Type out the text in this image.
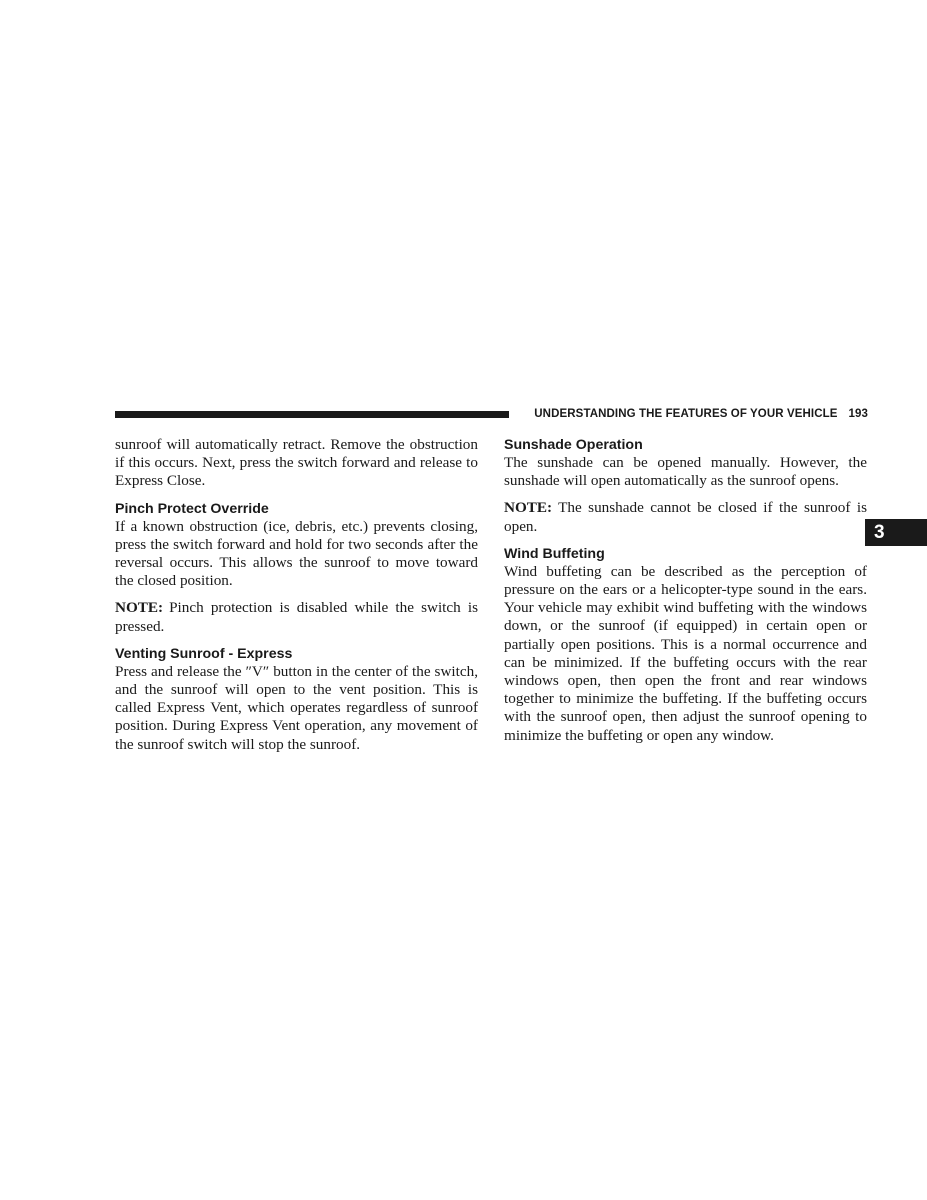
UNDERSTANDING THE FEATURES OF YOUR VEHICLE 193
3

sunroof will automatically retract. Remove the obstruction if this occurs. Next, press the switch forward and release to Express Close.

Pinch Protect Override

If a known obstruction (ice, debris, etc.) prevents closing, press the switch forward and hold for two seconds after the reversal occurs. This allows the sunroof to move toward the closed position.

NOTE: Pinch protection is disabled while the switch is pressed.

Venting Sunroof - Express

Press and release the ″V″ button in the center of the switch, and the sunroof will open to the vent position. This is called Express Vent, which operates regardless of sunroof position. During Express Vent operation, any movement of the sunroof switch will stop the sunroof.

Sunshade Operation

The sunshade can be opened manually. However, the sunshade will open automatically as the sunroof opens.

NOTE: The sunshade cannot be closed if the sunroof is open.

Wind Buffeting

Wind buffeting can be described as the perception of pressure on the ears or a helicopter-type sound in the ears. Your vehicle may exhibit wind buffeting with the windows down, or the sunroof (if equipped) in certain open or partially open positions. This is a normal occurrence and can be minimized. If the buffeting occurs with the rear windows open, then open the front and rear windows together to minimize the buffeting. If the buffeting occurs with the sunroof open, then adjust the sunroof opening to minimize the buffeting or open any window.
